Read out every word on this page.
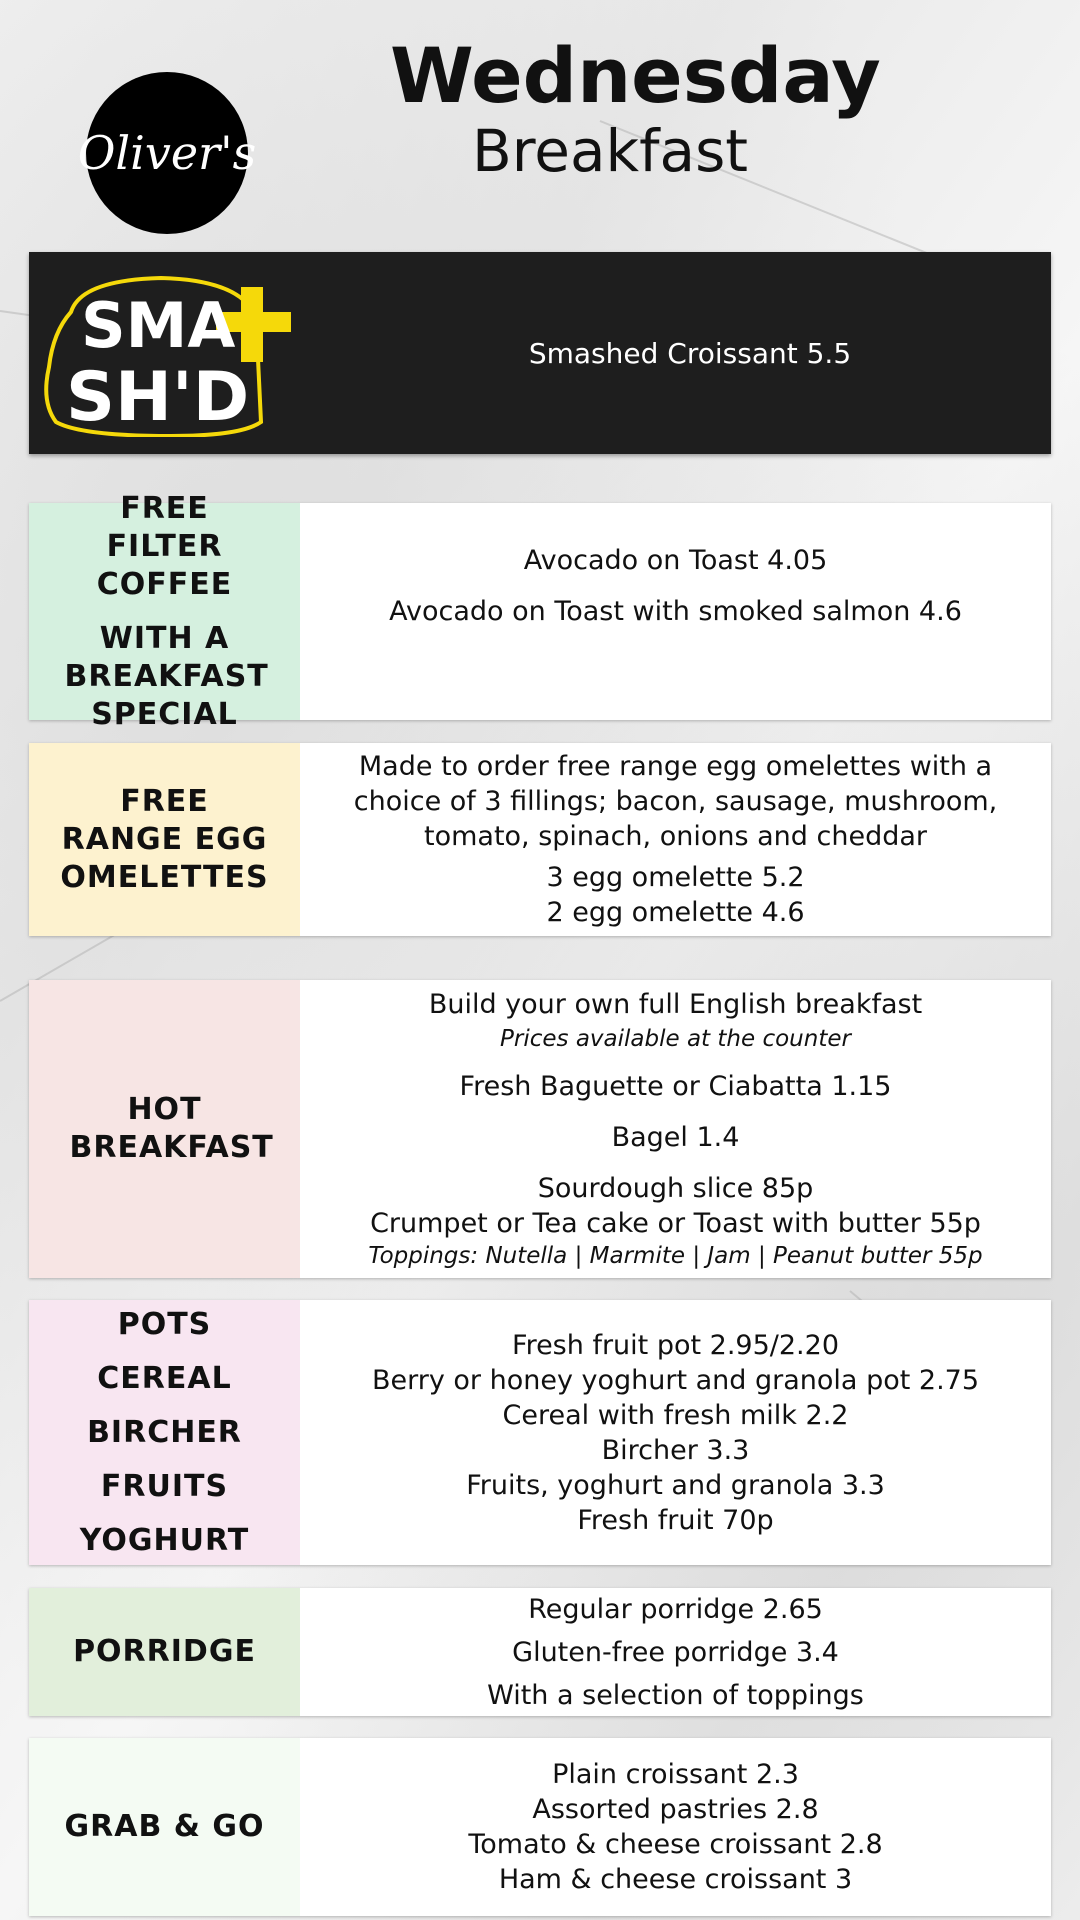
Oliver's
Wednesday
Breakfast
SMA
SH'D
Smashed Croissant 5.5
FREE FILTER COFFEE
WITH A BREAKFAST SPECIAL
Avocado on Toast 4.05
Avocado on Toast with smoked salmon 4.6
FREE RANGE EGG OMELETTES
Made to order free range egg omelettes with a choice of 3 fillings; bacon, sausage, mushroom, tomato, spinach, onions and cheddar
3 egg omelette 5.2
2 egg omelette 4.6
HOT BREAKFAST
Build your own full English breakfast
Prices available at the counter
Fresh Baguette or Ciabatta 1.15
Bagel 1.4
Sourdough slice 85p
Crumpet or Tea cake or Toast with butter 55p
Toppings: Nutella | Marmite | Jam | Peanut butter 55p
POTS
CEREAL
BIRCHER
FRUITS
YOGHURT
Fresh fruit pot 2.95/2.20
Berry or honey yoghurt and granola pot 2.75
Cereal with fresh milk 2.2
Bircher 3.3
Fruits, yoghurt and granola 3.3
Fresh fruit 70p
PORRIDGE
Regular porridge 2.65
Gluten-free porridge 3.4
With a selection of toppings
GRAB & GO
Plain croissant 2.3
Assorted pastries 2.8
Tomato & cheese croissant 2.8
Ham & cheese croissant 3
